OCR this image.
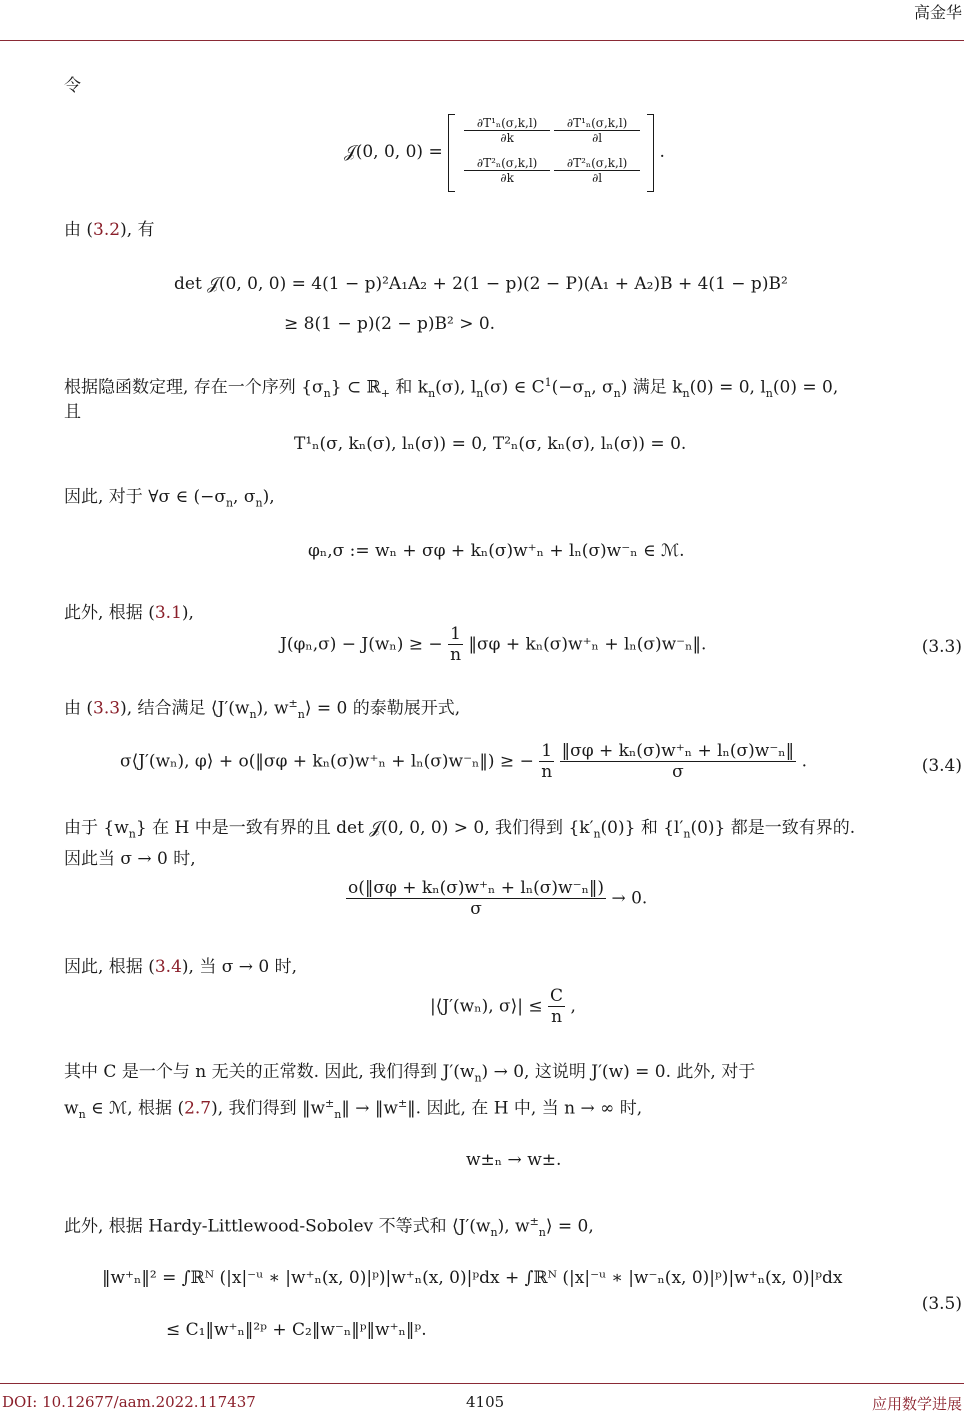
高金华
令
𝒥(0, 0, 0) =
$\frac{\text{∂T¹ₙ(σ,k,l)}}{\partial k} \frac{\text{∂T¹ₙ(σ,k,l)}}{\partial l}$
$\frac{\text{∂T²ₙ(σ,k,l)}}{\partial k} \frac{\text{∂T²ₙ(σ,k,l)}}{\partial l}$
.
由 (3.2), 有
det 𝒥(0, 0, 0) = 4(1 − p)²A₁A₂ + 2(1 − p)(2 − P)(A₁ + A₂)B + 4(1 − p)B²
≥ 8(1 − p)(2 − p)B² > 0.
根据隐函数定理, 存在一个序列 $\{\sigma_n\}$ ⊂ ℝ$_+$ 和 $k_n(\sigma)$, $l_n(\sigma)$ ∈ $C^1(-\sigma_n$, $\sigma_n$) 满足 $k_n(0) = 0$, $l_n(0) = 0$,
且
T¹ₙ(σ, kₙ(σ), lₙ(σ)) = 0, T²ₙ(σ, kₙ(σ), lₙ(σ)) = 0.
因此, 对于 ∀σ ∈ ($-\sigma_n$, $\sigma_n$),
φₙ,σ := wₙ + σφ + kₙ(σ)w⁺ₙ + lₙ(σ)w⁻ₙ ∈ ℳ.
此外, 根据 (3.1),
J(φₙ,σ) − J(wₙ) ≥ − $\frac{1}{n}$ ‖σφ + kₙ(σ)w⁺ₙ + lₙ(σ)w⁻ₙ‖.	(3.3)
由 (3.3), 结合满足 $⟨J'(w_n)$, $w^\pm_n⟩ = 0$ 的泰勒展开式,
σ⟨J′(wₙ), φ⟩ + o(‖σφ + kₙ(σ)w⁺ₙ + lₙ(σ)w⁻ₙ‖) ≥ − $\frac{1}{n}$
$\frac{\text{‖σφ + kₙ(σ)w⁺ₙ + lₙ(σ)w⁻ₙ‖}}{\sigma}$ .	(3.4)
由于 $\{w_n\}$ 在 H 中是一致有界的且 det 𝒥(0, 0, 0) > 0, 我们得到 $\{k'_n(0)\}$ 和 $\{l'_n(0)\}$ 都是一致有界的.
因此当 σ → 0 时,
$\frac{\text{o(‖σφ + kₙ(σ)w⁺ₙ + lₙ(σ)w⁻ₙ‖)}}{\sigma} \to 0$.
因此, 根据 (3.4), 当 σ → 0 时,
|⟨J′(wₙ), σ⟩| ≤ $\frac{C}{n}$ ,
其中 C 是一个与 n 无关的正常数. 因此, 我们得到 $J'(w_n) \to 0$, 这说明 J′(w) = 0. 此外, 对于
$w_n$ ∈ ℳ, 根据 (2.7), 我们得到 $‖w^\pm_n‖$ → ‖w±‖. 因此, 在 H 中, 当 n → ∞ 时,
w±ₙ → w±.
此外, 根据 Hardy-Littlewood-Sobolev 不等式和 $⟨J'(w_n)$, $w^\pm_n⟩ = 0$,
‖w⁺ₙ‖² = ∫ℝᴺ (|x|⁻ᵘ ∗ |w⁺ₙ(x, 0)|ᵖ)|w⁺ₙ(x, 0)|ᵖdx + ∫ℝᴺ (|x|⁻ᵘ ∗ |w⁻ₙ(x, 0)|ᵖ)|w⁺ₙ(x, 0)|ᵖdx
≤ C₁‖w⁺ₙ‖²ᵖ + C₂‖w⁻ₙ‖ᵖ‖w⁺ₙ‖ᵖ.
(3.5)
DOI: 10.12677/aam.2022.117437	4105	应用数学进展
